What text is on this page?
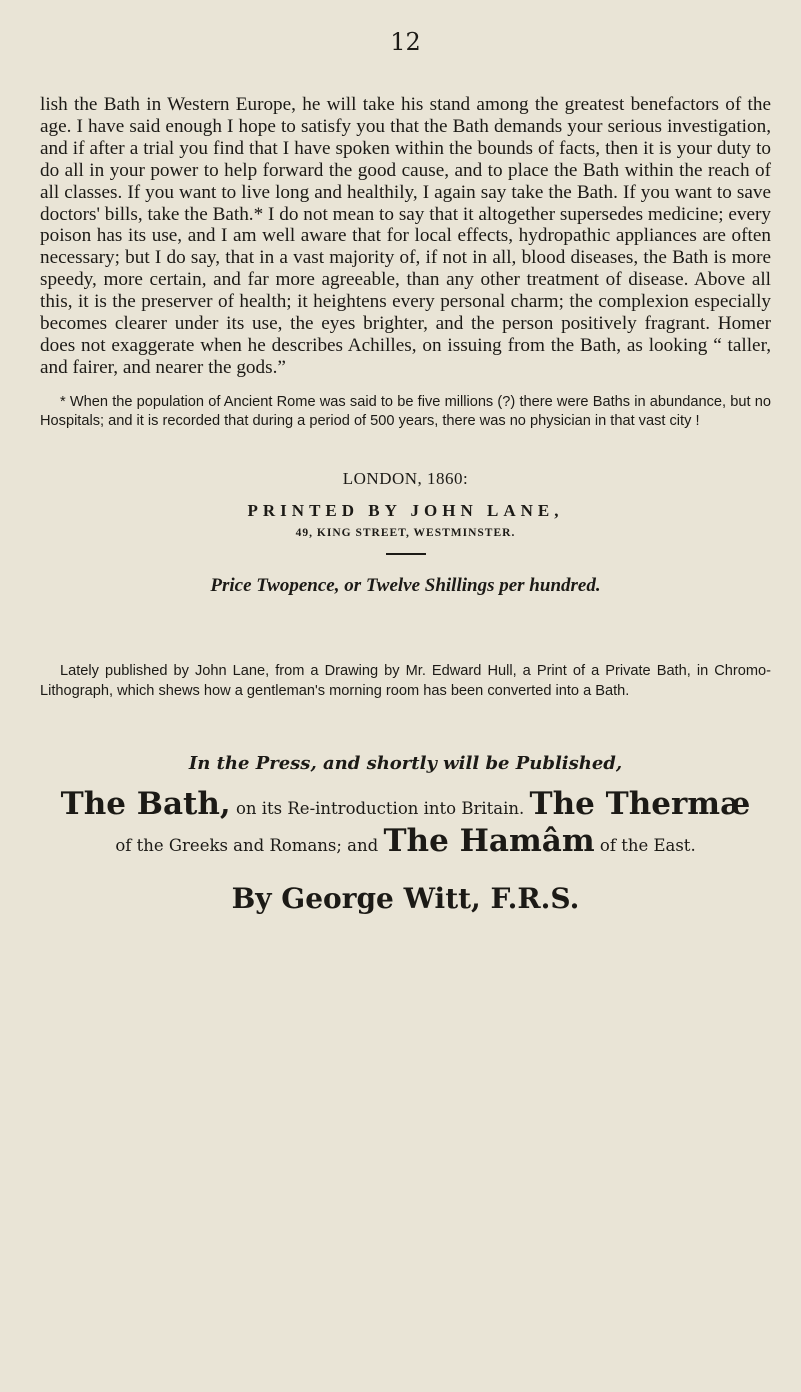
12

lish the Bath in Western Europe, he will take his stand among the greatest benefactors of the age. I have said enough I hope to satisfy you that the Bath demands your serious investigation, and if after a trial you find that I have spoken within the bounds of facts, then it is your duty to do all in your power to help forward the good cause, and to place the Bath within the reach of all classes. If you want to live long and healthily, I again say take the Bath. If you want to save doctors' bills, take the Bath.* I do not mean to say that it altogether supersedes medicine; every poison has its use, and I am well aware that for local effects, hydropathic appliances are often necessary; but I do say, that in a vast majority of, if not in all, blood diseases, the Bath is more speedy, more certain, and far more agreeable, than any other treatment of disease. Above all this, it is the preserver of health; it heightens every personal charm; the complexion especially becomes clearer under its use, the eyes brighter, and the person positively fragrant. Homer does not exaggerate when he describes Achilles, on issuing from the Bath, as looking “ taller, and fairer, and nearer the gods.”

* When the population of Ancient Rome was said to be five millions (?) there were Baths in abundance, but no Hospitals; and it is recorded that during a period of 500 years, there was no physician in that vast city !

LONDON, 1860:
PRINTED BY JOHN LANE,
49, KING STREET, WESTMINSTER.
Price Twopence, or Twelve Shillings per hundred.

Lately published by John Lane, from a Drawing by Mr. Edward Hull, a Print of a Private Bath, in Chromo-Lithograph, which shews how a gentleman's morning room has been converted into a Bath.

In the Press, and shortly will be Published,
The Bath, on its Re-introduction into Britain. The Thermæ
of the Greeks and Romans; and The Hamâm of the East.
By George Witt, F.R.S.
